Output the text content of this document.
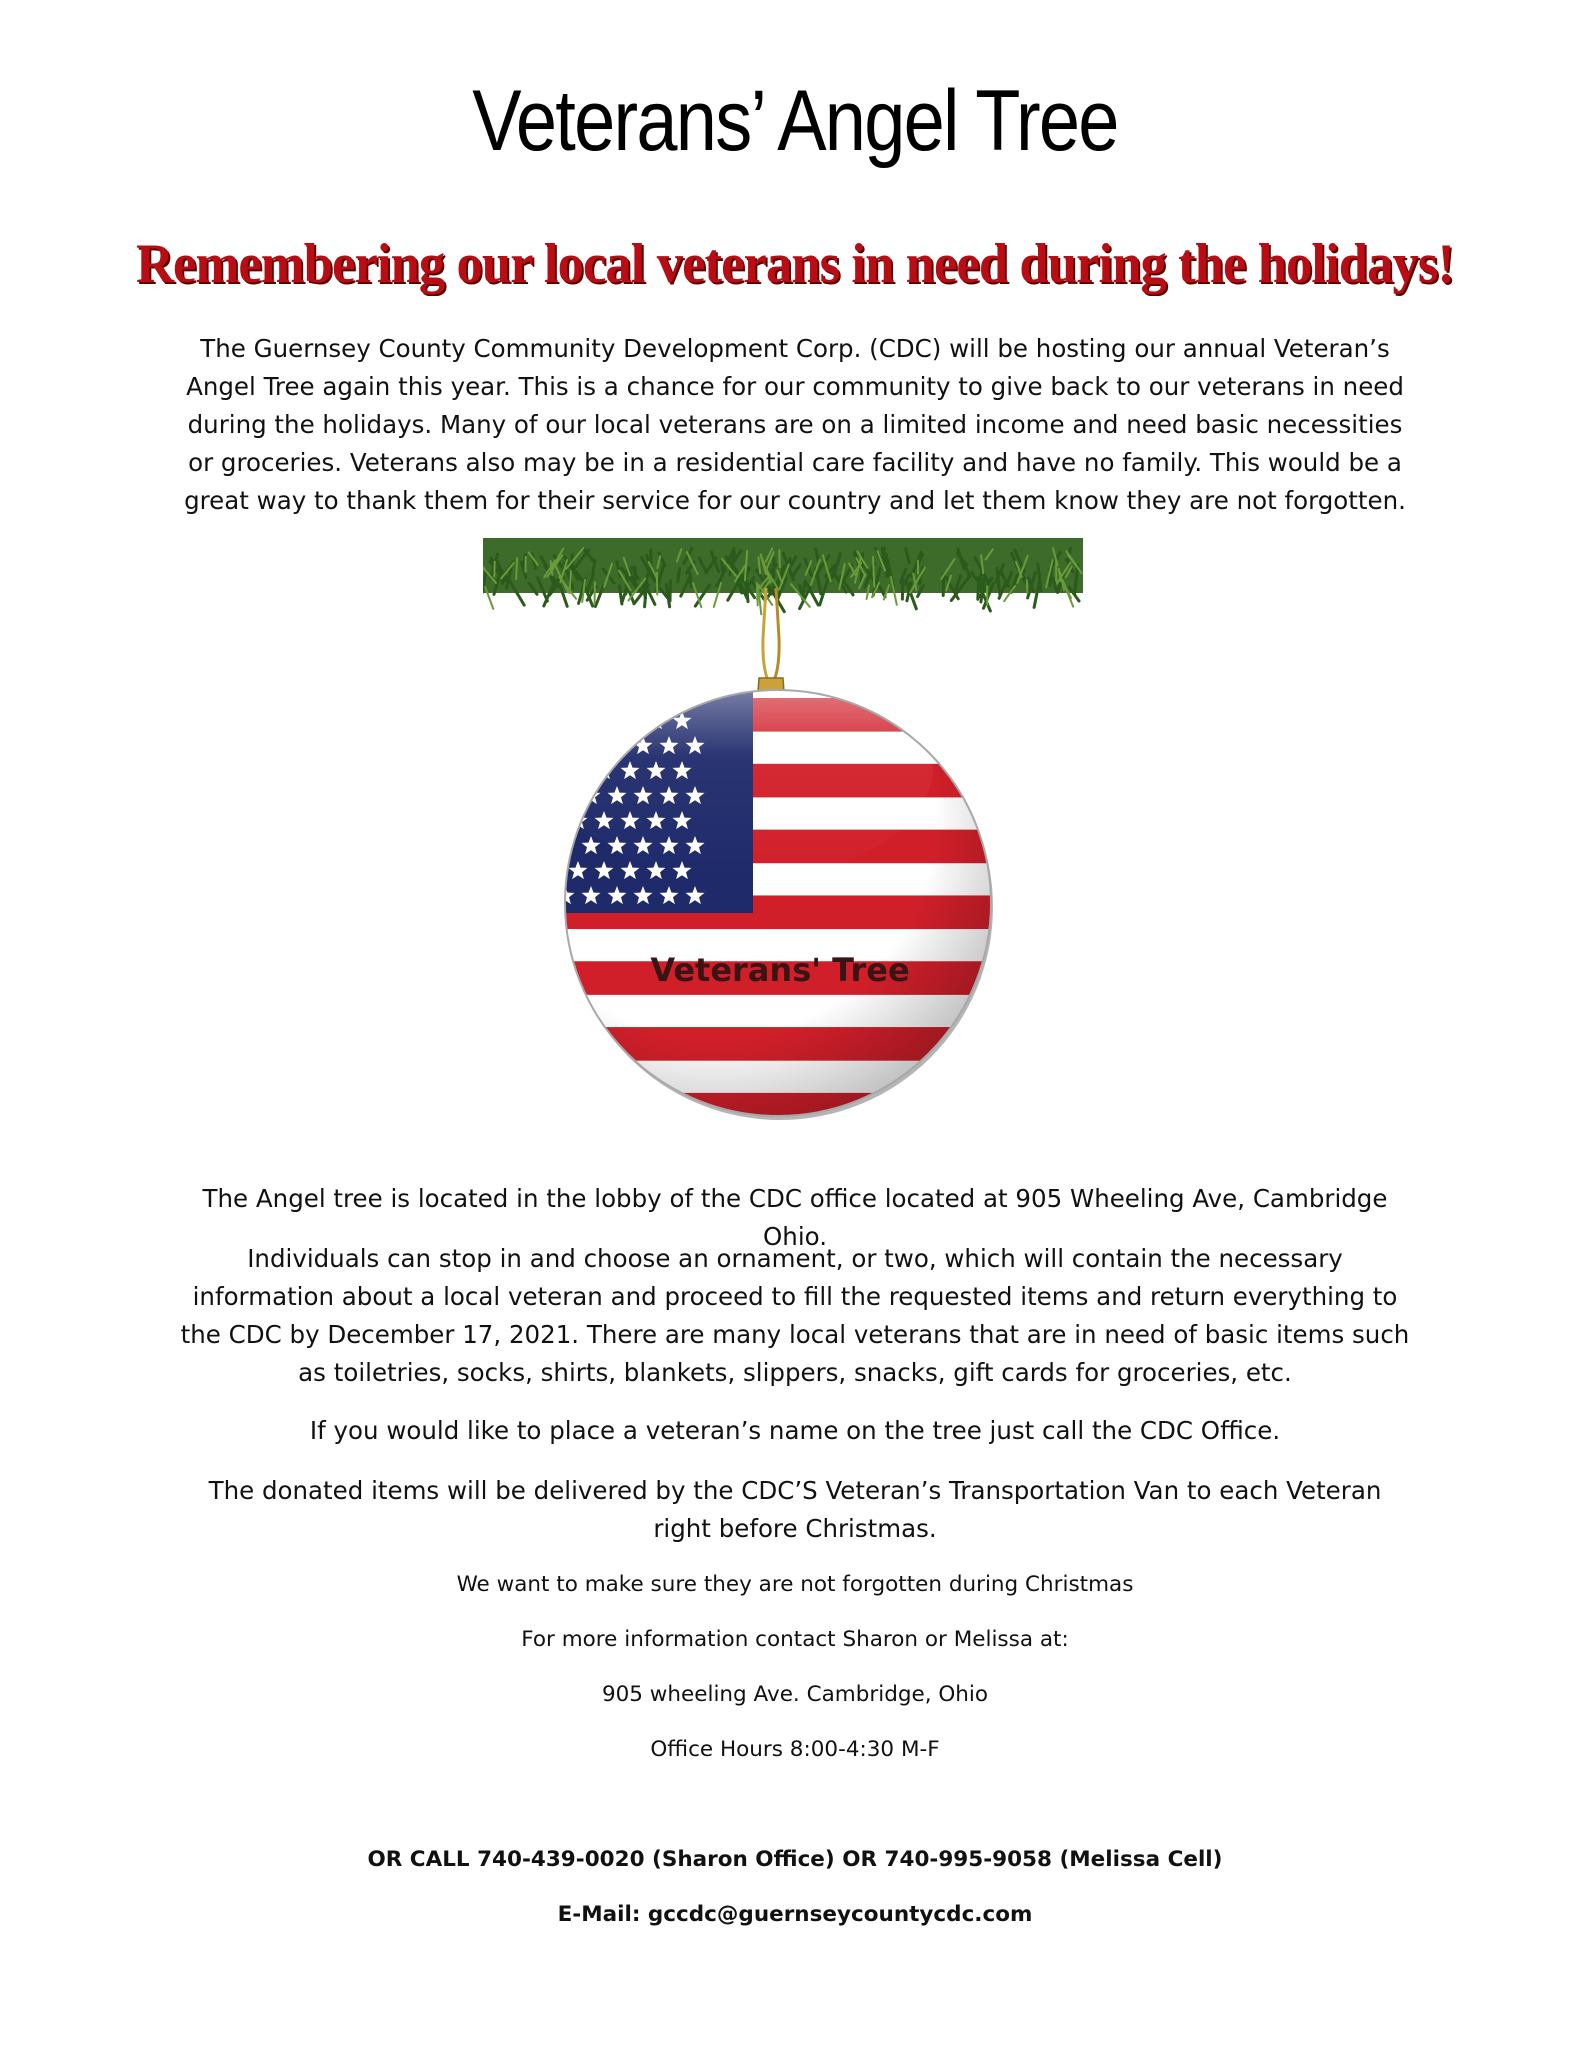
Veterans’ Angel Tree
Remembering our local veterans in need during the holidays!
The Guernsey County Community Development Corp. (CDC) will be hosting our annual Veteran’s Angel Tree again this year. This is a chance for our community to give back to our veterans in need during the holidays. Many of our local veterans are on a limited income and need basic necessities or groceries. Veterans also may be in a residential care facility and have no family. This would be a great way to thank them for their service for our country and let them know they are not forgotten.
Veterans' Tree
The Angel tree is located in the lobby of the CDC office located at 905 Wheeling Ave, Cambridge Ohio.
Individuals can stop in and choose an ornament, or two, which will contain the necessary information about a local veteran and proceed to fill the requested items and return everything to the CDC by December 17, 2021. There are many local veterans that are in need of basic items such as toiletries, socks, shirts, blankets, slippers, snacks, gift cards for groceries, etc.
If you would like to place a veteran’s name on the tree just call the CDC Office.
The donated items will be delivered by the CDC’S Veteran’s Transportation Van to each Veteran right before Christmas.
We want to make sure they are not forgotten during Christmas
For more information contact Sharon or Melissa at:
905 wheeling Ave. Cambridge, Ohio
Office Hours 8:00-4:30 M-F
OR CALL 740-439-0020 (Sharon Office) OR 740-995-9058 (Melissa Cell)
E-Mail: gccdc@guernseycountycdc.com
